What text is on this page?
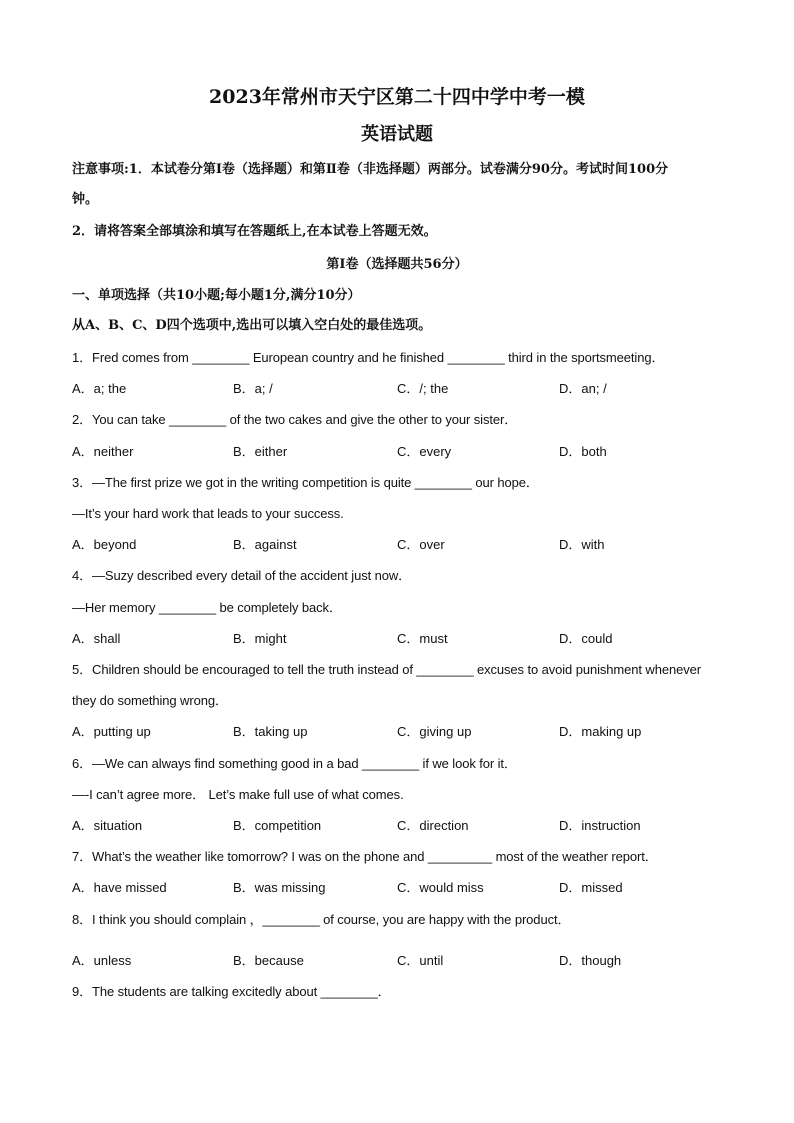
2023年常州市天宁区第二十四中学中考一模
英语试题
注意事项:1．本试卷分第Ⅰ卷（选择题）和第Ⅱ卷（非选择题）两部分。试卷满分90分。考试时间100分
钟。
2．请将答案全部填涂和填写在答题纸上,在本试卷上答题无效。
第Ⅰ卷（选择题共56分）
一、单项选择（共10小题;每小题1分,满分10分）
从A、B、C、D四个选项中,选出可以填入空白处的最佳选项。
1．Fred comes from ________ European country and he finished ________ third in the sportsmeeting．
A．a; the	B．a; /	C．/; the	D．an; /
2．You can take ________ of the two cakes and give the other to your sister．
A．neither	B．either	C．every	D．both
3．—The first prize we got in the writing competition is quite ________ our hope．
—It’s your hard work that leads to your success.
A．beyond	B．against	C．over	D．with
4．—Suzy described every detail of the accident just now．
—Her memory ________ be completely back．
A．shall	B．might	C．must	D．could
5．Children should be encouraged to tell the truth instead of ________ excuses to avoid punishment whenever
they do something wrong．
A．putting up	B．taking up	C．giving up	D．making up
6．—We can always find something good in a bad ________ if we look for it．
—-I can’t agree more． Let’s make full use of what comes.
A．situation	B．competition	C．direction	D．instruction
7．What’s the weather like tomorrow? I was on the phone and _________ most of the weather report．
A．have missed	B．was missing	C．would miss	D．missed
8．I think you should complain ，________ of course, you are happy with the product．
A．unless	B．because	C．until	D．though
9．The students are talking excitedly about ________．
